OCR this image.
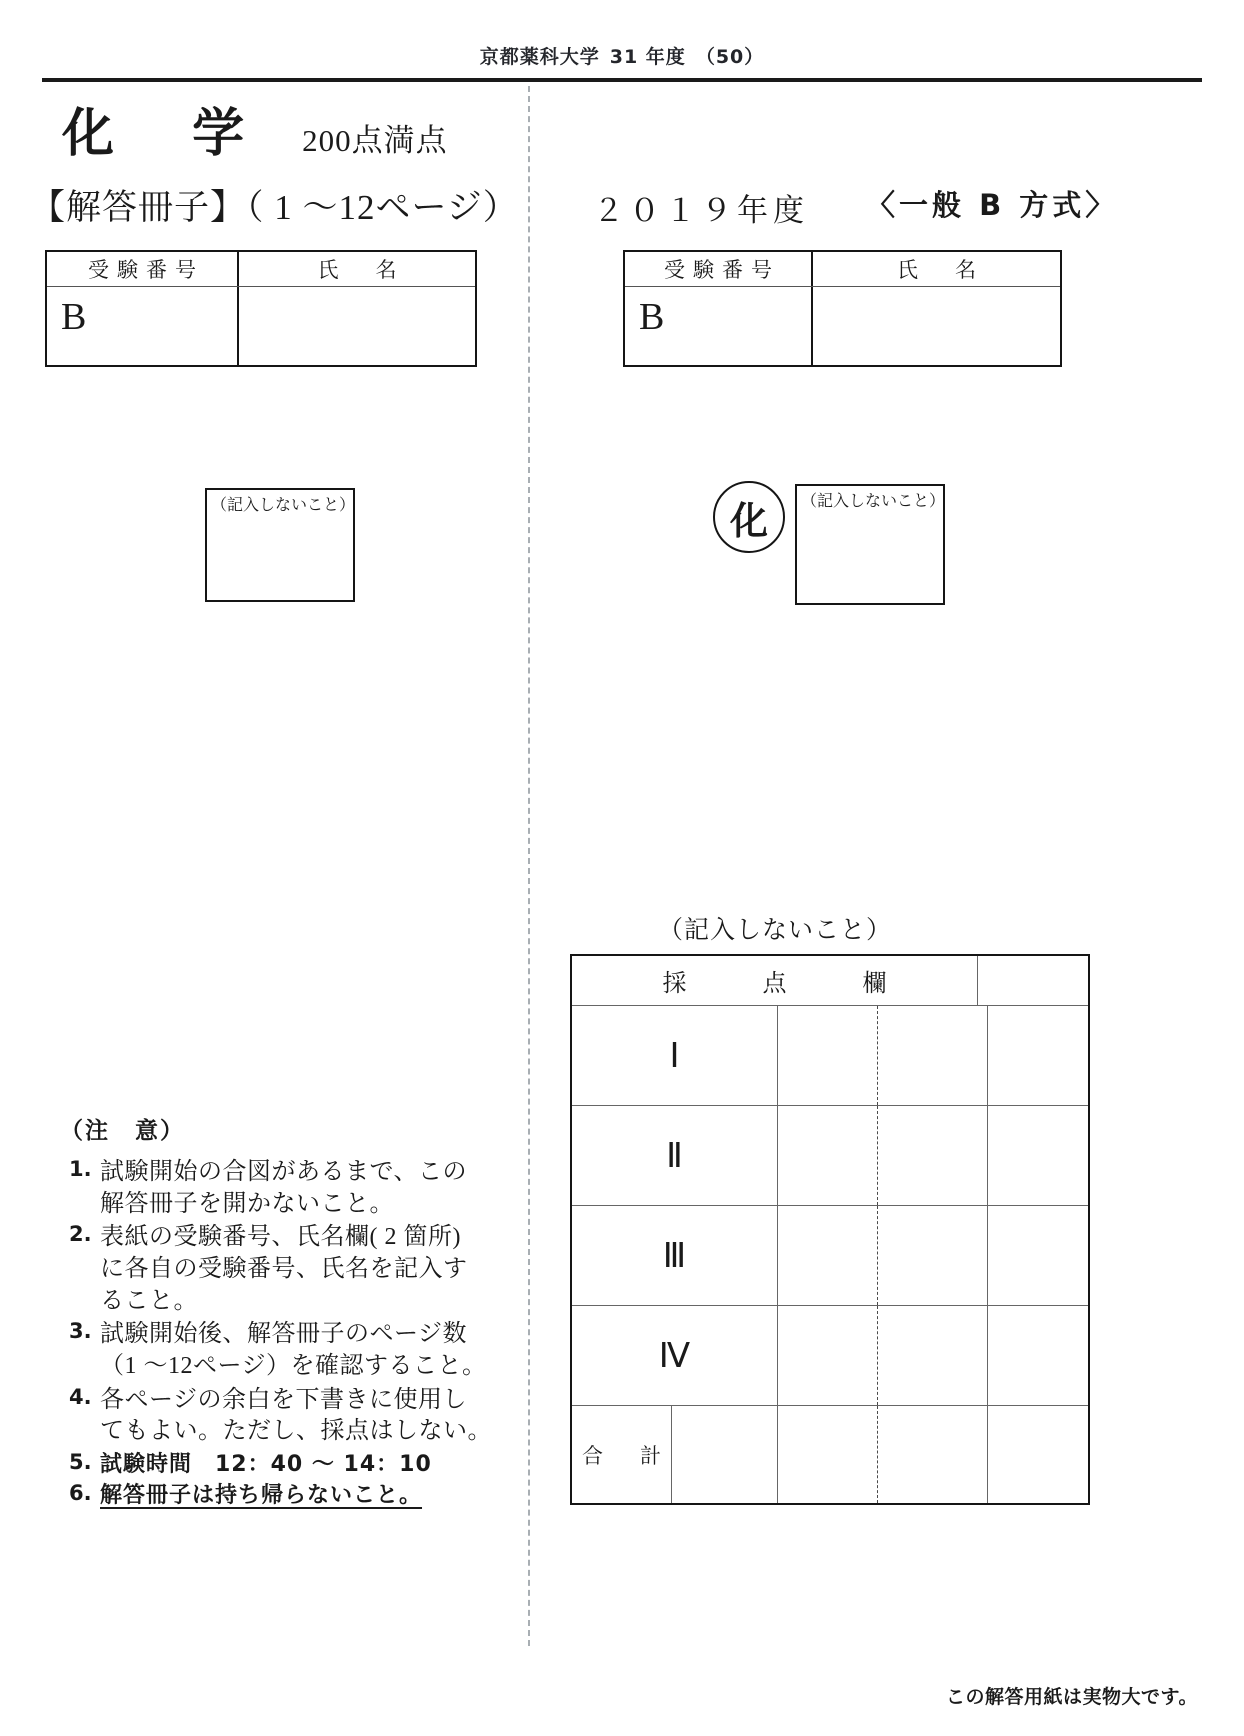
京都薬科大学 31 年度 （50）
化 学 200点満点
【解答冊子】（ 1 ～12ページ） ２０１９年度 〈一般 B 方式〉
受験番号	氏　名
B
受験番号	氏　名
B
（記入しないこと）	化 （記入しないこと）
（記入しないこと）
採　点　欄
Ⅰ
Ⅱ
Ⅲ
Ⅳ
合　計
（注　意）
1. 試験開始の合図があるまで、この
解答冊子を開かないこと。
2. 表紙の受験番号、氏名欄( 2 箇所)
に各自の受験番号、氏名を記入す
ること。
3. 試験開始後、解答冊子のページ数
（1 ～12ページ）を確認すること。
4. 各ページの余白を下書きに使用し
てもよい。ただし、採点はしない。
5. 試験時間　12：40 ～ 14：10
6. 解答冊子は持ち帰らないこと。
この解答用紙は実物大です。
